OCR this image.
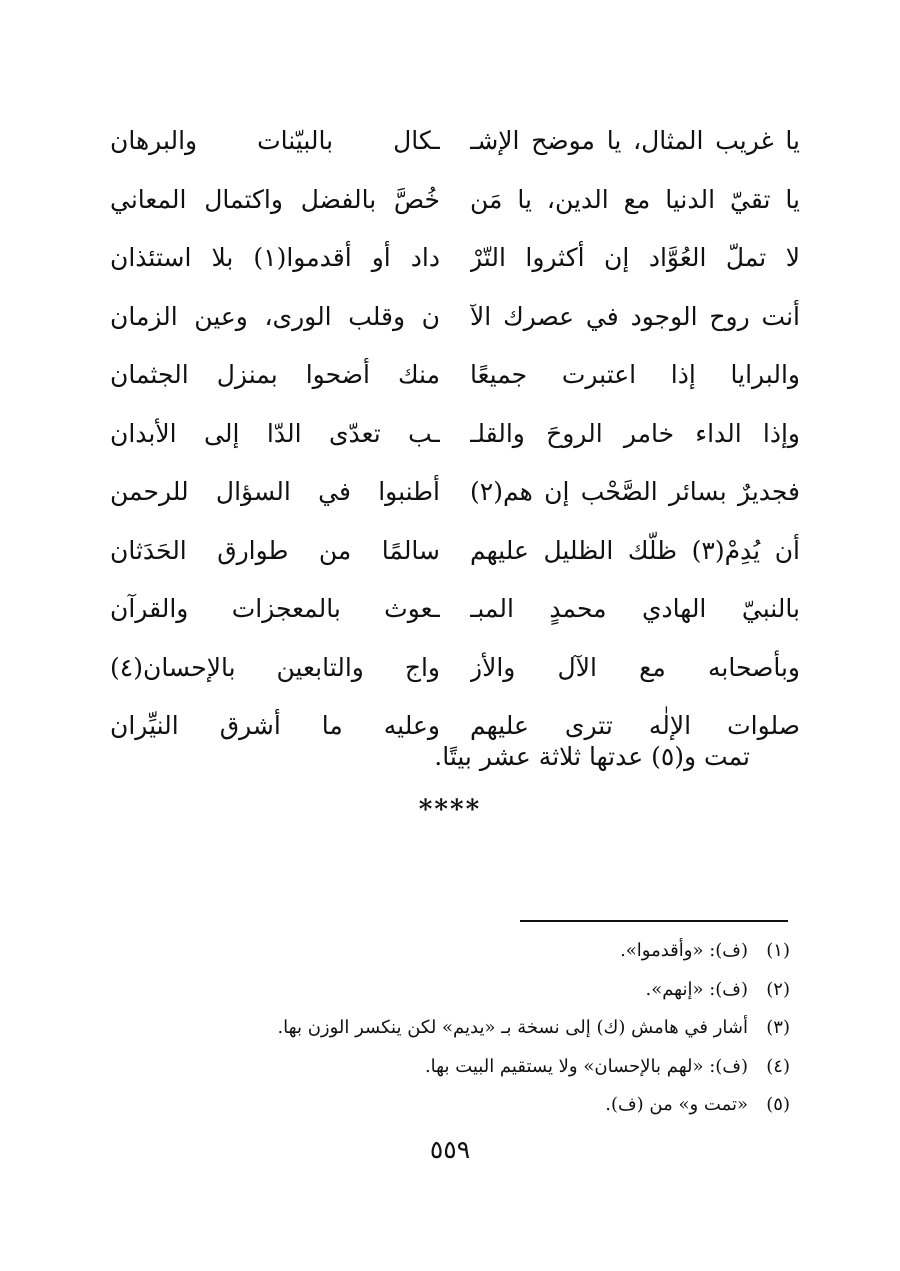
يا غريب المثال، يا موضح الإشـ
ـكال بالبيّنات والبرهان
يا تقيّ الدنيا مع الدين، يا مَن
خُصَّ بالفضل واكتمال المعاني
لا تملّ العُوَّاد إن أكثروا التّرْ
داد أو أقدموا(١) بلا استئذان
أنت روح الوجود في عصرك الآ
ن وقلب الورى، وعين الزمان
والبرايا إذا اعتبرت جميعًا
منك أضحوا بمنزل الجثمان
وإذا الداء خامر الروحَ والقلـ
ـب تعدّى الدّا إلى الأبدان
فجديرٌ بسائر الصَّحْب إن هم(٢)
أطنبوا في السؤال للرحمن
أن يُدِمْ(٣) ظلّك الظليل عليهم
سالمًا من طوارق الحَدَثان
بالنبيّ الهادي محمدٍ المبـ
ـعوث بالمعجزات والقرآن
وبأصحابه مع الآل والأز
واج والتابعين بالإحسان(٤)
صلوات الإلٰه تترى عليهم
وعليه ما أشرق النيِّران
تمت و(٥) عدتها ثلاثة عشر بيتًا.
****
(١)(ف): «وأقدموا».
(٢)(ف): «إنهم».
(٣)أشار في هامش (ك) إلى نسخة بـ «يديم» لكن ينكسر الوزن بها.
(٤)(ف): «لهم بالإحسان» ولا يستقيم البيت بها.
(٥)«تمت و» من (ف).
٥٥٩
